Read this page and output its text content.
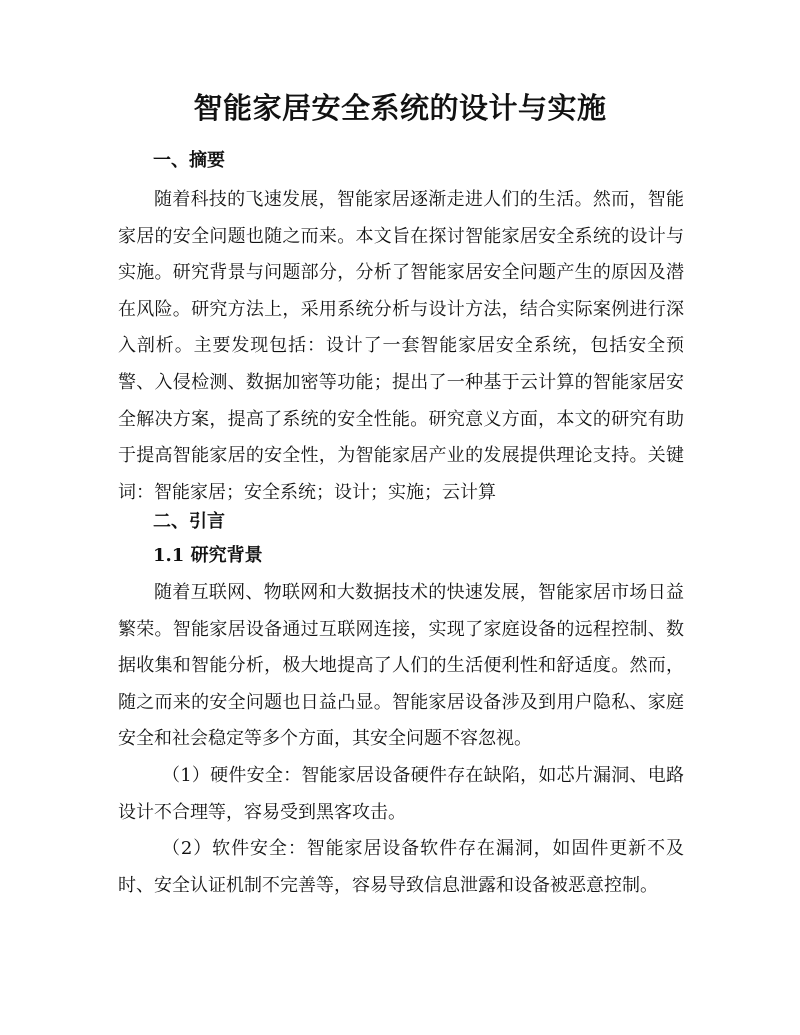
智能家居安全系统的设计与实施
一、摘要

随着科技的飞速发展，智能家居逐渐走进人们的生活。然而，智能家居的安全问题也随之而来。本文旨在探讨智能家居安全系统的设计与实施。研究背景与问题部分，分析了智能家居安全问题产生的原因及潜在风险。研究方法上，采用系统分析与设计方法，结合实际案例进行深入剖析。主要发现包括：设计了一套智能家居安全系统，包括安全预警、入侵检测、数据加密等功能；提出了一种基于云计算的智能家居安全解决方案，提高了系统的安全性能。研究意义方面，本文的研究有助于提高智能家居的安全性，为智能家居产业的发展提供理论支持。关键词：智能家居；安全系统；设计；实施；云计算

二、引言
1.1 研究背景

随着互联网、物联网和大数据技术的快速发展，智能家居市场日益繁荣。智能家居设备通过互联网连接，实现了家庭设备的远程控制、数据收集和智能分析，极大地提高了人们的生活便利性和舒适度。然而，随之而来的安全问题也日益凸显。智能家居设备涉及到用户隐私、家庭安全和社会稳定等多个方面，其安全问题不容忽视。

（1）硬件安全：智能家居设备硬件存在缺陷，如芯片漏洞、电路设计不合理等，容易受到黑客攻击。

（2）软件安全：智能家居设备软件存在漏洞，如固件更新不及时、安全认证机制不完善等，容易导致信息泄露和设备被恶意控制。
